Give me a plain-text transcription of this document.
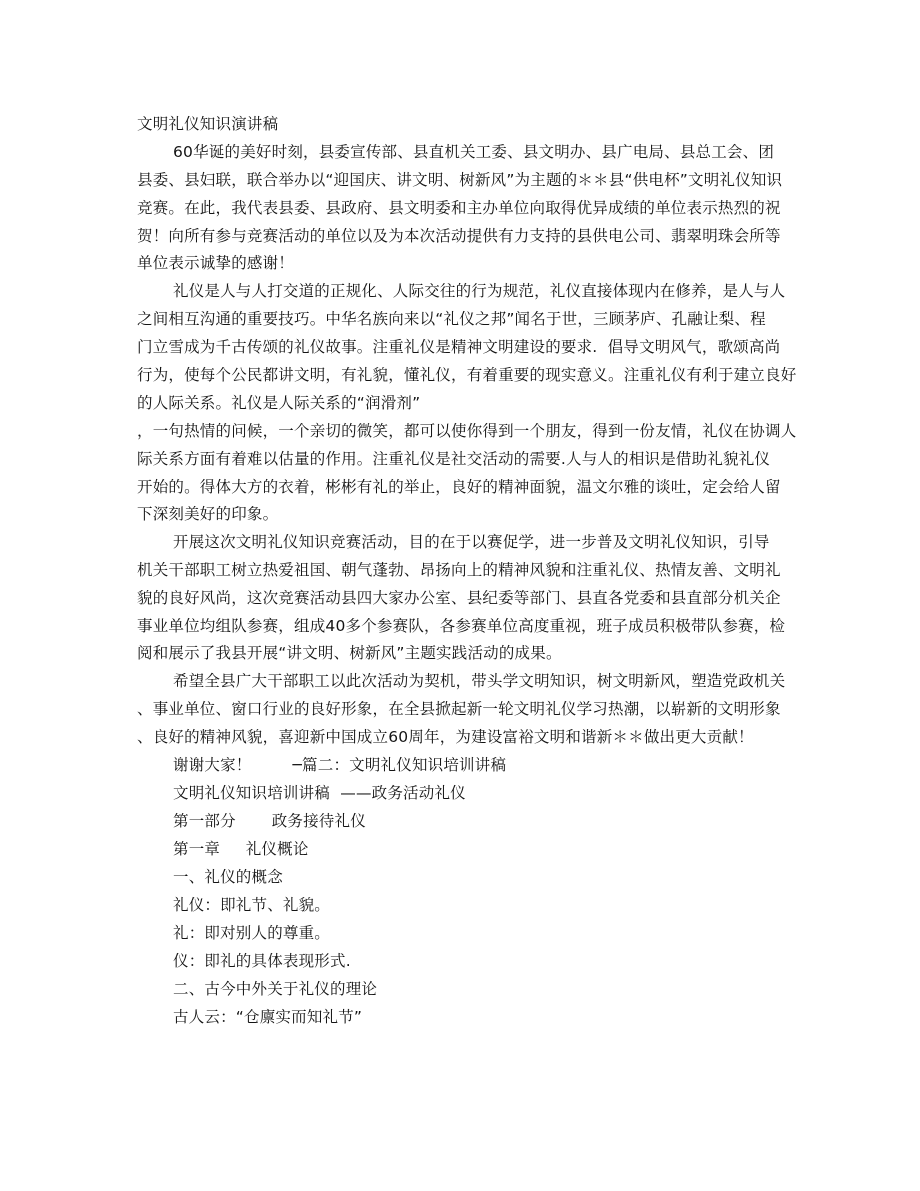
文明礼仪知识演讲稿
60华诞的美好时刻，县委宣传部、县直机关工委、县文明办、县广电局、县总工会、团
县委、县妇联，联合举办以“迎国庆、讲文明、树新风”为主题的＊＊县“供电杯”文明礼仪知识
竞赛。在此，我代表县委、县政府、县文明委和主办单位向取得优异成绩的单位表示热烈的祝
贺！向所有参与竞赛活动的单位以及为本次活动提供有力支持的县供电公司、翡翠明珠会所等
单位表示诚挚的感谢！
礼仪是人与人打交道的正规化、人际交往的行为规范，礼仪直接体现内在修养，是人与人
之间相互沟通的重要技巧。中华名族向来以“礼仪之邦”闻名于世，三顾茅庐、孔融让梨、程
门立雪成为千古传颂的礼仪故事。注重礼仪是精神文明建设的要求.  倡导文明风气，歌颂高尚
行为，使每个公民都讲文明，有礼貌，懂礼仪，有着重要的现实意义。注重礼仪有利于建立良好
的人际关系。礼仪是人际关系的“润滑剂”
，一句热情的问候，一个亲切的微笑，都可以使你得到一个朋友，得到一份友情，礼仪在协调人
际关系方面有着难以估量的作用。注重礼仪是社交活动的需要.人与人的相识是借助礼貌礼仪
开始的。得体大方的衣着，彬彬有礼的举止，良好的精神面貌，温文尔雅的谈吐，定会给人留
下深刻美好的印象。
开展这次文明礼仪知识竞赛活动，目的在于以赛促学，进一步普及文明礼仪知识，引导
机关干部职工树立热爱祖国、朝气蓬勃、昂扬向上的精神风貌和注重礼仪、热情友善、文明礼
貌的良好风尚，这次竞赛活动县四大家办公室、县纪委等部门、县直各党委和县直部分机关企
事业单位均组队参赛，组成40多个参赛队，各参赛单位高度重视，班子成员积极带队参赛，检
阅和展示了我县开展“讲文明、树新风”主题实践活动的成果。
希望全县广大干部职工以此次活动为契机，带头学文明知识，树文明新风，塑造党政机关
、事业单位、窗口行业的良好形象，在全县掀起新一轮文明礼仪学习热潮，以崭新的文明形象
、良好的精神风貌，喜迎新中国成立60周年，为建设富裕文明和谐新＊＊做出更大贡献！
谢谢大家！        ─篇二：文明礼仪知识培训讲稿
文明礼仪知识培训讲稿  ——政务活动礼仪
第一部分       政务接待礼仪
第一章     礼仪概论
一、礼仪的概念
礼仪：即礼节、礼貌。
礼：即对别人的尊重。
仪：即礼的具体表现形式.
二、古今中外关于礼仪的理论
古人云：“仓廪实而知礼节”
